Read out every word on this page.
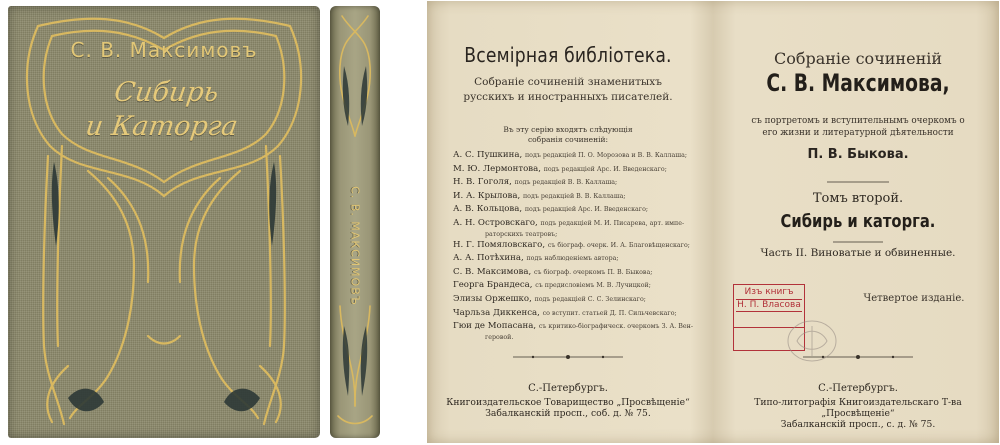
С. В. Максимовъ
Сибирь
и Каторга
С. В. МАКСИМОВЪ
Всемірная библіотека.
Собраніе сочиненій знаменитыхъ
русскихъ и иностранныхъ писателей.
Въ эту серію входятъ слѣдующія
собранія сочиненій:
А. С. Пушкина, подъ редакціей П. О. Морозова и В. В. Каллаша;
М. Ю. Лермонтова, подъ редакціей Арс. И. Введенскаго;
Н. В. Гоголя, подъ редакціей В. В. Каллаша;
И. А. Крылова, подъ редакціей В. В. Каллаша;
А. В. Кольцова, подъ редакціей Арс. И. Введенскаго;
А. Н. Островскаго, подъ редакціей М. И. Писарева, арт. импе-
раторскихъ театровъ;
Н. Г. Помяловскаго, съ біограф. очерк. И. А. Благовѣщенскаго;
А. А. Потѣхина, подъ наблюденіемъ автора;
С. В. Максимова, съ біограф. очеркомъ П. В. Быкова;
Георга Брандеса, съ предисловіемъ М. В. Лучицкой;
Элизы Оржешко, подъ редакціей С. С. Зелинскаго;
Чарльза Диккенса, со вступит. статьей Д. П. Сильчевскаго;
Гюи де Мопасана, съ критико-біографическ. очеркомъ З. А. Вен-
геровой.
С.-Петербургъ.
Книгоиздательское Товарищество „Просвѣщеніе“
Забалканскій просп., соб. д. № 75.
Собраніе сочиненій
С. В. Максимова,
съ портретомъ и вступительнымъ очеркомъ о
его жизни и литературной дѣятельности
П. В. Быкова.
Томъ второй.
Сибирь и каторга.
Часть II. Виноватые и обвиненные.
Четвертое изданіе.
С.-Петербургъ.
Типо-литографія Книгоиздательскаго Т-ва „Просвѣщеніе“
Забалканскій просп., с. д. № 75.
Изъ книгъ
Н. П. Власова
